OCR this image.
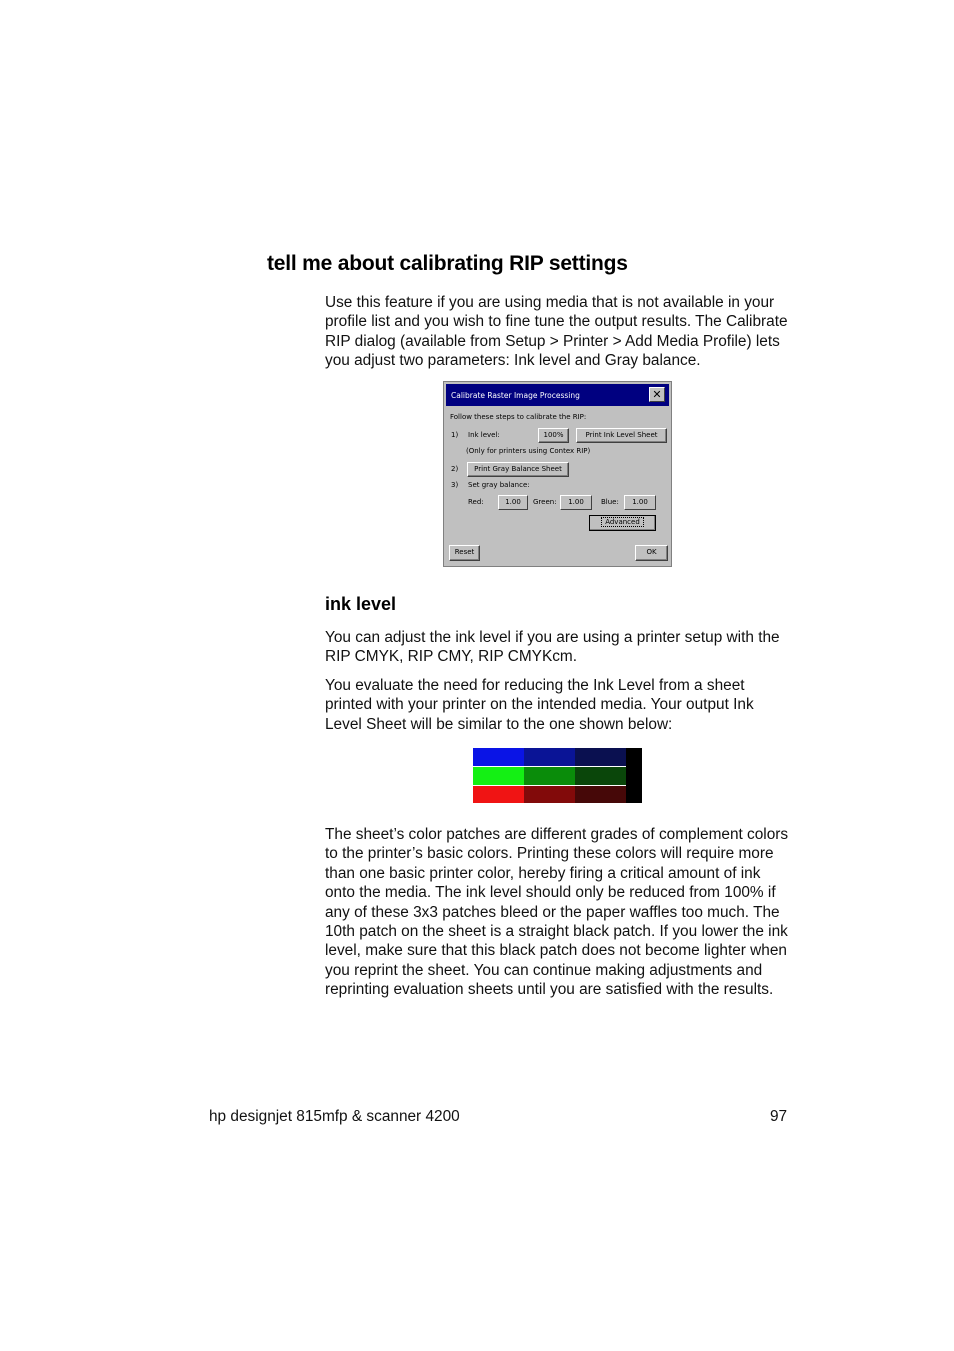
tell me about calibrating RIP settings

Use this feature if you are using media that is not available in your profile list and you wish to fine tune the output results. The Calibrate RIP dialog (available from Setup > Printer > Add Media Profile) lets you adjust two parameters: Ink level and Gray balance.

Calibrate Raster Image Processing	✕
Follow these steps to calibrate the RIP:
1) Ink level:	100%	Print Ink Level Sheet
(Only for printers using Contex RIP)
2)	Print Gray Balance Sheet
3) Set gray balance:
Red:	1.00	Green:	1.00	Blue:	1.00
Advanced
Reset	OK
ink level

You can adjust the ink level if you are using a printer setup with the RIP CMYK, RIP CMY, RIP CMYKcm.

You evaluate the need for reducing the Ink Level from a sheet printed with your printer on the intended media. Your output Ink Level Sheet will be similar to the one shown below:

The sheet’s color patches are different grades of complement colors to the printer’s basic colors. Printing these colors will require more than one basic printer color, hereby firing a critical amount of ink onto the media. The ink level should only be reduced from 100% if any of these 3x3 patches bleed or the paper waffles too much. The 10th patch on the sheet is a straight black patch. If you lower the ink level, make sure that this black patch does not become lighter when you reprint the sheet. You can continue making adjustments and reprinting evaluation sheets until you are satisfied with the results.

hp designjet 815mfp & scanner 4200	97
